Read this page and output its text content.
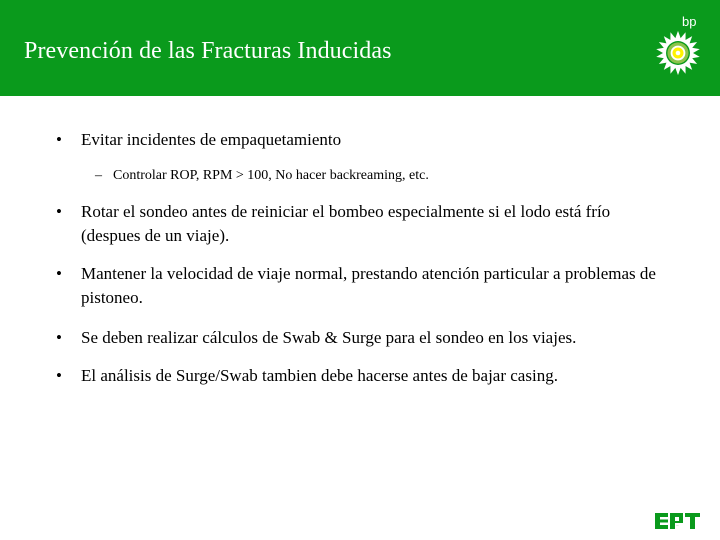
Prevención de las Fracturas Inducidas
bp
•	Evitar incidentes de empaquetamiento
– Controlar ROP, RPM > 100, No hacer backreaming, etc.
•	Rotar el sondeo antes de reiniciar el bombeo especialmente si el lodo está frío (despues de un viaje).
•	Mantener la velocidad de viaje normal, prestando atención particular a problemas de pistoneo.
•	Se deben realizar cálculos de Swab & Surge para el sondeo en los viajes.
•	El análisis de Surge/Swab tambien debe hacerse antes de bajar casing.
EPT
